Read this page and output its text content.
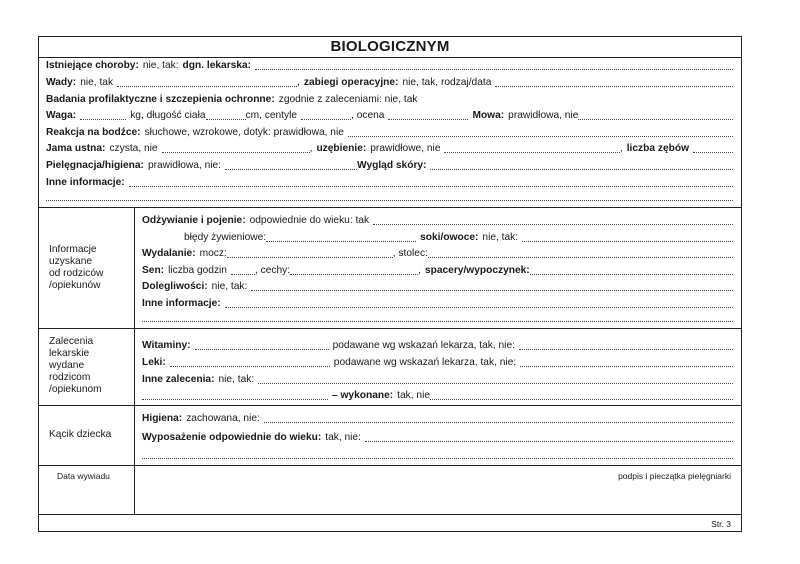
BIOLOGICZNYM
Istniejące choroby: nie, tak: dgn. lekarska:
Wady: nie, tak	, zabiegi operacyjne: nie, tak, rodzaj/data
Badania profilaktyczne i szczepienia ochronne: zgodnie z zaleceniami: nie, tak
Waga:	kg, długość ciała	cm, centyle	, ocena	Mowa: prawidłowa, nie
Reakcja na bodźce: słuchowe, wzrokowe, dotyk: prawidłowa, nie
Jama ustna: czysta, nie	, uzębienie: prawidłowe, nie	, liczba zębów
Pielęgnacja/higiena: prawidłowa, nie:	Wygląd skóry:
Inne informacje:
Informacje
uzyskane
od rodziców
/opiekunów
Odżywianie i pojenie: odpowiednie do wieku: tak
błędy żywieniowe:	soki/owoce: nie, tak:
Wydalanie: mocz:	, stolec:
Sen: liczba godzin	, cechy:	, spacery/wypoczynek:
Dolegliwości: nie, tak:
Inne informacje:
Zalecenia
lekarskie
wydane
rodzicom
/opiekunom
Witaminy:	podawane wg wskazań lekarza, tak, nie:
Leki:	podawane wg wskazań lekarza, tak, nie:
Inne zalecenia: nie, tak:
– wykonane: tak, nie
Kącik dziecka
Higiena: zachowana, nie:
Wyposażenie odpowiednie do wieku: tak, nie:
Data wywiadu	podpis i pieczątka pielęgniarki
Str. 3
